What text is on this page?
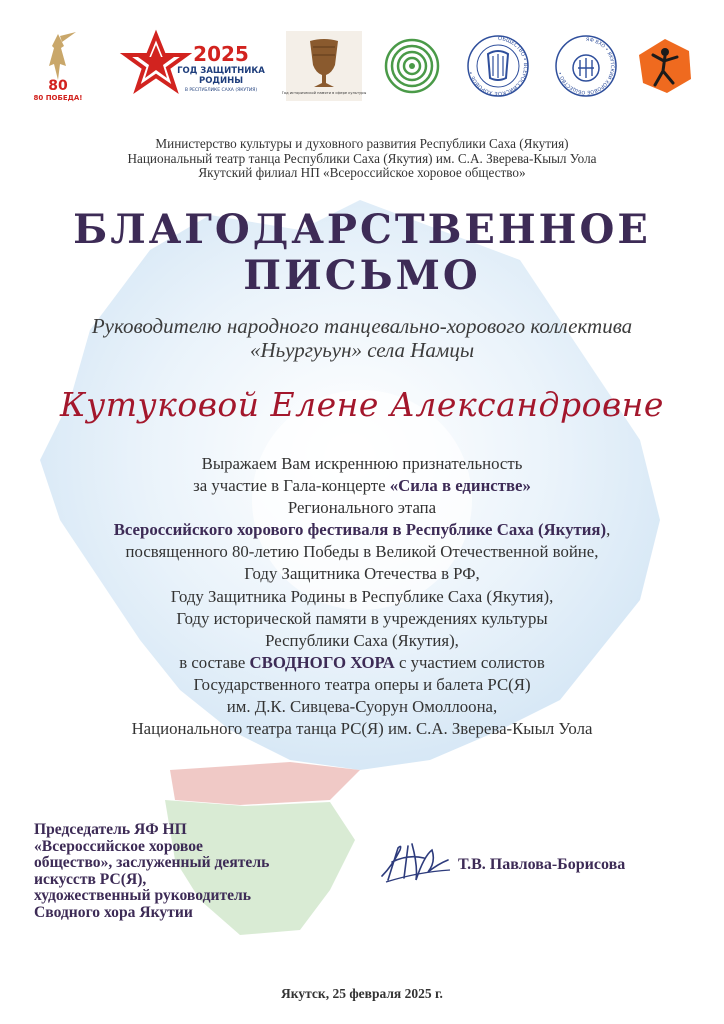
80
80 ПОБЕДА!
2025
ГОД ЗАЩИТНИКА
РОДИНЫ
В РЕСПУБЛИКЕ САХА (ЯКУТИЯ)	Год исторической памяти в сфере культуры
ОБЩЕСТВО • ВСЕРОССИЙСКОЕ ХОРОВОЕ •
ЯФ ВХО • ЯКУТСКИЙ ХОРОВОЕ ОБЩЕСТВО •
Министерство культуры и духовного развития Республики Саха (Якутия)
Национальный театр танца Республики Саха (Якутия) им. С.А. Зверева-Кыыл Уола
Якутский филиал НП «Всероссийское хоровое общество»
БЛАГОДАРСТВЕННОЕ
ПИСЬМО
Руководителю народного танцевально-хорового коллектива
«Ньургуьун» села Намцы
Кутуковой Елене Александровне
Выражаем Вам искреннюю признательность
за участие в Гала-концерте «Сила в единстве»
Регионального этапа
Всероссийского хорового фестиваля в Республике Саха (Якутия),
посвященного 80-летию Победы в Великой Отечественной войне,
Году Защитника Отечества в РФ,
Году Защитника Родины в Республике Саха (Якутия),
Году исторической памяти в учреждениях культуры
Республики Саха (Якутия),
в составе СВОДНОГО ХОРА с участием солистов
Государственного театра оперы и балета РС(Я)
им. Д.К. Сивцева-Суорун Омоллоона,
Национального театра танца РС(Я) им. С.А. Зверева-Кыыл Уола
Председатель ЯФ НП
«Всероссийское хоровое
общество», заслуженный деятель
искусств РС(Я),
художественный руководитель
Сводного хора Якутии
Т.В. Павлова-Борисова
Якутск, 25 февраля 2025 г.
